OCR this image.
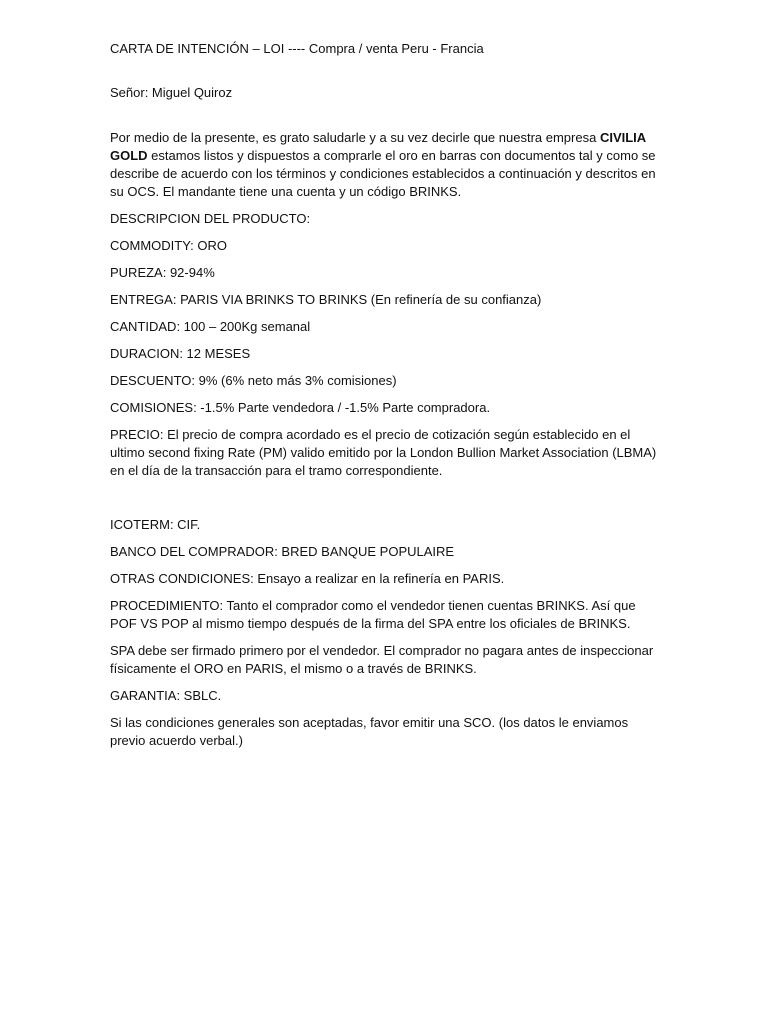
CARTA DE INTENCIÓN – LOI ---- Compra / venta Peru - Francia

Señor: Miguel Quiroz

Por medio de la presente, es grato saludarle y a su vez decirle que nuestra empresa CIVILIA GOLD estamos listos y dispuestos a comprarle el oro en barras con documentos tal y como se describe de acuerdo con los términos y condiciones establecidos a continuación y descritos en su OCS. El mandante tiene una cuenta y un código BRINKS.

DESCRIPCION DEL PRODUCTO:

COMMODITY: ORO

PUREZA: 92-94%

ENTREGA: PARIS VIA BRINKS TO BRINKS (En refinería de su confianza)

CANTIDAD: 100 – 200Kg semanal

DURACION: 12 MESES

DESCUENTO: 9% (6% neto más 3% comisiones)

COMISIONES: -1.5% Parte vendedora / -1.5% Parte compradora.

PRECIO: El precio de compra acordado es el precio de cotización según establecido en el ultimo second fixing Rate (PM) valido emitido por la London Bullion Market Association (LBMA) en el día de la transacción para el tramo correspondiente.

ICOTERM: CIF.

BANCO DEL COMPRADOR: BRED BANQUE POPULAIRE

OTRAS CONDICIONES: Ensayo a realizar en la refinería en PARIS.

PROCEDIMIENTO: Tanto el comprador como el vendedor tienen cuentas BRINKS. Así que POF VS POP al mismo tiempo después de la firma del SPA entre los oficiales de BRINKS.

SPA debe ser firmado primero por el vendedor. El comprador no pagara antes de inspeccionar físicamente el ORO en PARIS, el mismo o a través de BRINKS.

GARANTIA: SBLC.

Si las condiciones generales son aceptadas, favor emitir una SCO. (los datos le enviamos previo acuerdo verbal.)
